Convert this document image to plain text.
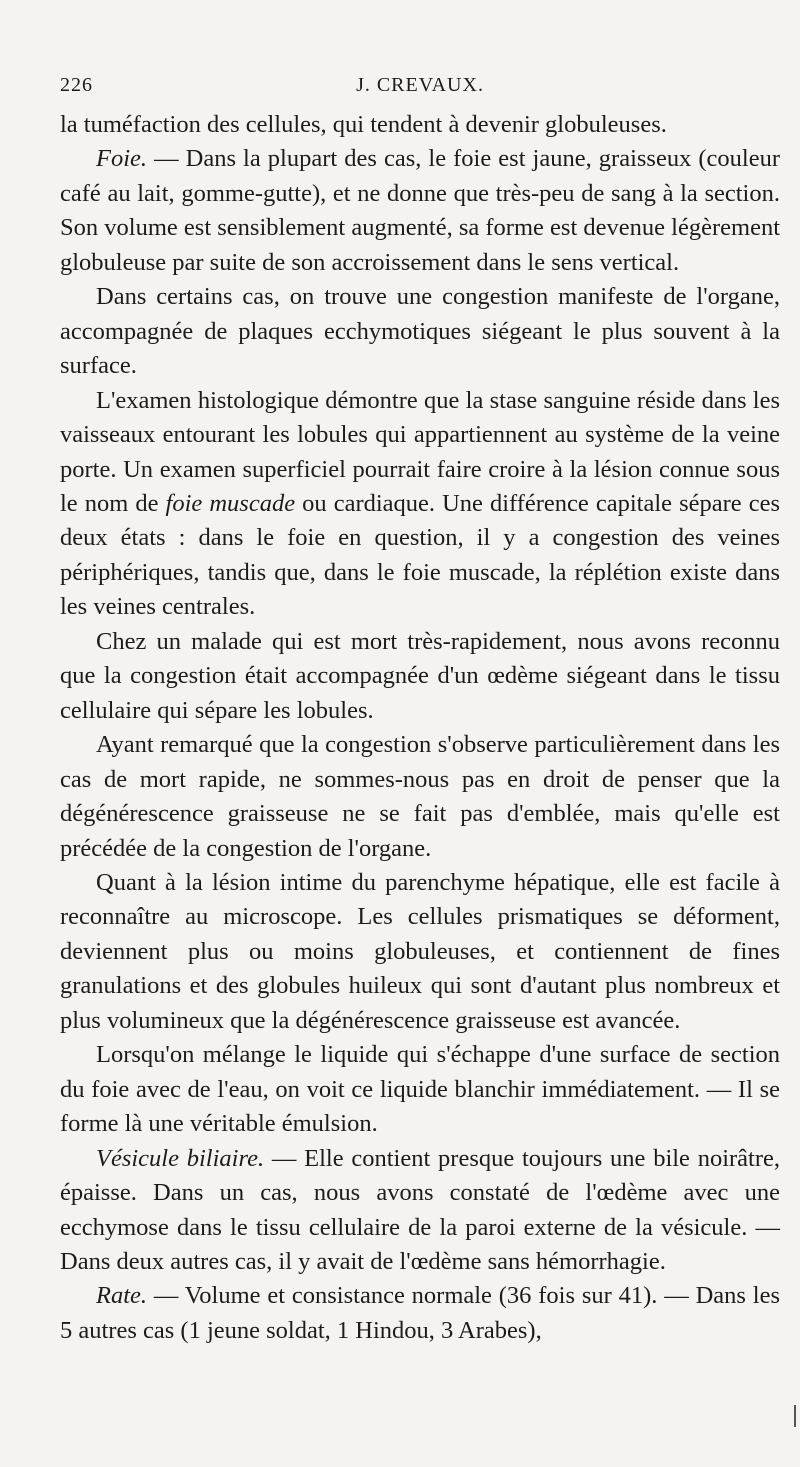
226	J. CREVAUX.

la tuméfaction des cellules, qui tendent à devenir globuleuses.

Foie. — Dans la plupart des cas, le foie est jaune, graisseux (couleur café au lait, gomme-gutte), et ne donne que très-peu de sang à la section. Son volume est sensiblement augmenté, sa forme est devenue légèrement globuleuse par suite de son accroissement dans le sens vertical.

Dans certains cas, on trouve une congestion manifeste de l'organe, accompagnée de plaques ecchymotiques siégeant le plus souvent à la surface.

L'examen histologique démontre que la stase sanguine réside dans les vaisseaux entourant les lobules qui appartiennent au système de la veine porte. Un examen superficiel pourrait faire croire à la lésion connue sous le nom de foie muscade ou cardiaque. Une différence capitale sépare ces deux états : dans le foie en question, il y a congestion des veines périphériques, tandis que, dans le foie muscade, la réplétion existe dans les veines centrales.

Chez un malade qui est mort très-rapidement, nous avons reconnu que la congestion était accompagnée d'un œdème siégeant dans le tissu cellulaire qui sépare les lobules.

Ayant remarqué que la congestion s'observe particulièrement dans les cas de mort rapide, ne sommes-nous pas en droit de penser que la dégénérescence graisseuse ne se fait pas d'emblée, mais qu'elle est précédée de la congestion de l'organe.

Quant à la lésion intime du parenchyme hépatique, elle est facile à reconnaître au microscope. Les cellules prismatiques se déforment, deviennent plus ou moins globuleuses, et contiennent de fines granulations et des globules huileux qui sont d'autant plus nombreux et plus volumineux que la dégénérescence graisseuse est avancée.

Lorsqu'on mélange le liquide qui s'échappe d'une surface de section du foie avec de l'eau, on voit ce liquide blanchir immédiatement. — Il se forme là une véritable émulsion.

Vésicule biliaire. — Elle contient presque toujours une bile noirâtre, épaisse. Dans un cas, nous avons constaté de l'œdème avec une ecchymose dans le tissu cellulaire de la paroi externe de la vésicule. — Dans deux autres cas, il y avait de l'œdème sans hémorrhagie.

Rate. — Volume et consistance normale (36 fois sur 41). — Dans les 5 autres cas (1 jeune soldat, 1 Hindou, 3 Arabes),
